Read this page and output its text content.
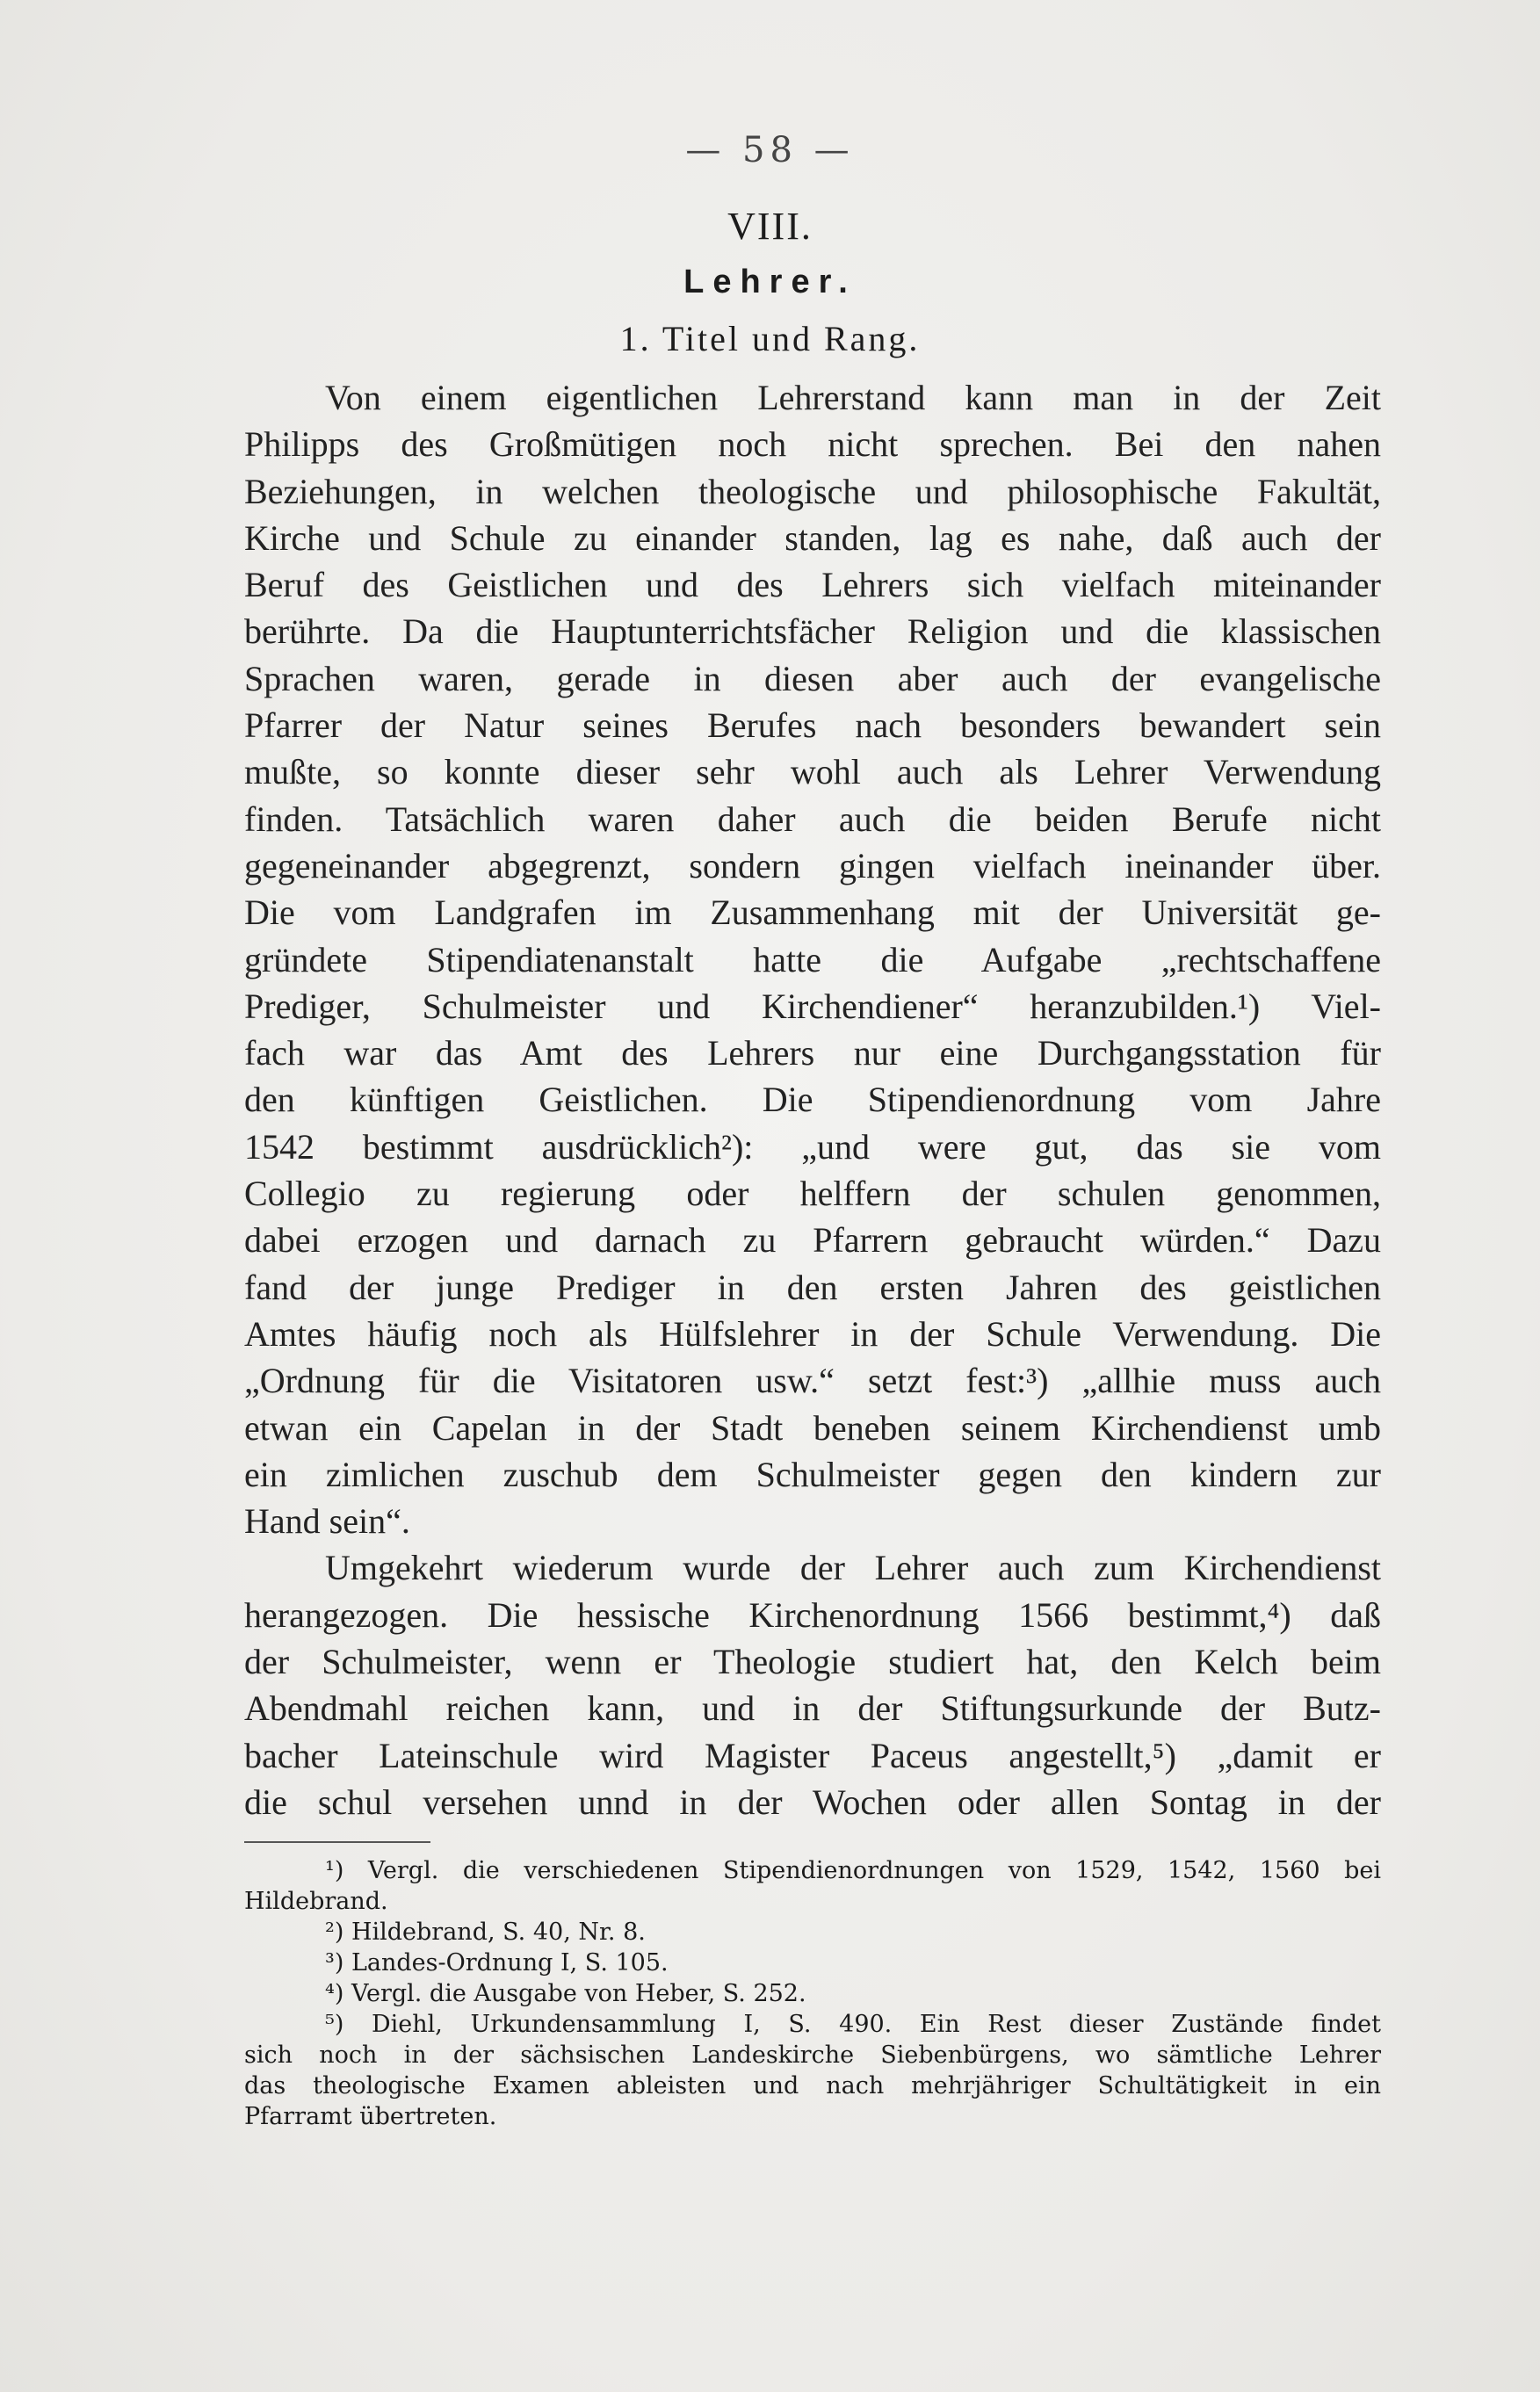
— 58 —
VIII.
Lehrer.
1. Titel und Rang.
Von einem eigentlichen Lehrerstand kann man in der Zeit
Philipps des Großmütigen noch nicht sprechen. Bei den nahen
Beziehungen, in welchen theologische und philosophische Fakultät,
Kirche und Schule zu einander standen, lag es nahe, daß auch der
Beruf des Geistlichen und des Lehrers sich vielfach miteinander
berührte. Da die Hauptunterrichtsfächer Religion und die klassischen
Sprachen waren, gerade in diesen aber auch der evangelische
Pfarrer der Natur seines Berufes nach besonders bewandert sein
mußte, so konnte dieser sehr wohl auch als Lehrer Verwendung
finden. Tatsächlich waren daher auch die beiden Berufe nicht
gegeneinander abgegrenzt, sondern gingen vielfach ineinander über.
Die vom Landgrafen im Zusammenhang mit der Universität ge-
gründete Stipendiatenanstalt hatte die Aufgabe „rechtschaffene
Prediger, Schulmeister und Kirchendiener“ heranzubilden.¹) Viel-
fach war das Amt des Lehrers nur eine Durchgangsstation für
den künftigen Geistlichen. Die Stipendienordnung vom Jahre
1542 bestimmt ausdrücklich²): „und were gut, das sie vom
Collegio zu regierung oder helffern der schulen genommen,
dabei erzogen und darnach zu Pfarrern gebraucht würden.“ Dazu
fand der junge Prediger in den ersten Jahren des geistlichen
Amtes häufig noch als Hülfslehrer in der Schule Verwendung. Die
„Ordnung für die Visitatoren usw.“ setzt fest:³) „allhie muss auch
etwan ein Capelan in der Stadt beneben seinem Kirchendienst umb
ein zimlichen zuschub dem Schulmeister gegen den kindern zur
Hand sein“.
Umgekehrt wiederum wurde der Lehrer auch zum Kirchendienst
herangezogen. Die hessische Kirchenordnung 1566 bestimmt,⁴) daß
der Schulmeister, wenn er Theologie studiert hat, den Kelch beim
Abendmahl reichen kann, und in der Stiftungsurkunde der Butz-
bacher Lateinschule wird Magister Paceus angestellt,⁵) „damit er
die schul versehen unnd in der Wochen oder allen Sontag in der
¹) Vergl. die verschiedenen Stipendienordnungen von 1529, 1542, 1560 bei
Hildebrand.
²) Hildebrand, S. 40, Nr. 8.
³) Landes-Ordnung I, S. 105.
⁴) Vergl. die Ausgabe von Heber, S. 252.
⁵) Diehl, Urkundensammlung I, S. 490. Ein Rest dieser Zustände findet
sich noch in der sächsischen Landeskirche Siebenbürgens, wo sämtliche Lehrer
das theologische Examen ableisten und nach mehrjähriger Schultätigkeit in ein
Pfarramt übertreten.
